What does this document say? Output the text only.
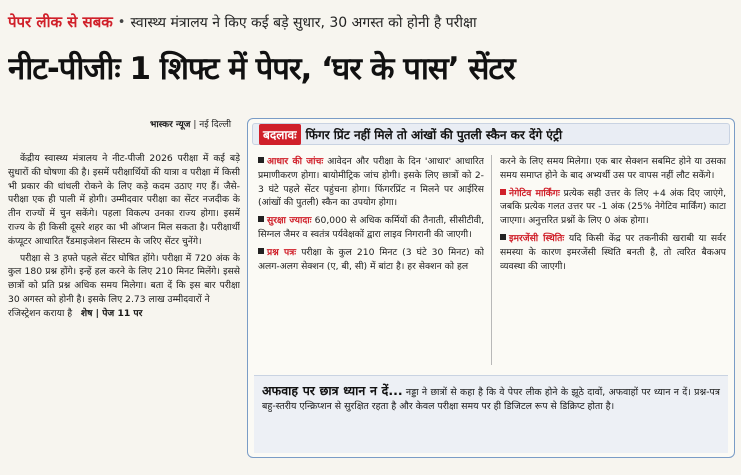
पेपर लीक से सबक • स्वास्थ्य मंत्रालय ने किए कई बड़े सुधार, 30 अगस्त को होनी है परीक्षा
नीट-पीजीः 1 शिफ्ट में पेपर, ‘घर के पास’ सेंटर
भास्कर न्यूज | नई दिल्ली

केंद्रीय स्वास्थ्य मंत्रालय ने नीट-पीजी 2026 परीक्षा में कई बड़े सुधारों की घोषणा की है। इसमें परीक्षार्थियों की यात्रा व परीक्षा में किसी भी प्रकार की धांधली रोकने के लिए कड़े कदम उठाए गए हैं। जैसे- परीक्षा एक ही पाली में होगी। उम्मीदवार परीक्षा का सेंटर नजदीक के तीन राज्यों में चुन सकेंगे। पहला विकल्प उनका राज्य होगा। इसमें राज्य के ही किसी दूसरे शहर का भी ऑप्शन मिल सकता है। परीक्षार्थी कंप्यूटर आधारित रैंडमाइजेशन सिस्टम के जरिए सेंटर चुनेंगे।

परीक्षा से 3 हफ्ते पहले सेंटर घोषित होंगे। परीक्षा में 720 अंक के कुल 180 प्रश्न होंगे। इन्हें हल करने के लिए 210 मिनट मिलेंगे। इससे छात्रों को प्रति प्रश्न अधिक समय मिलेगा। बता दें कि इस बार परीक्षा 30 अगस्त को होनी है। इसके लिए 2.73 लाख उम्मीदवारों ने

रजिस्ट्रेशन कराया है शेष | पेज 11 पर
बदलावः फिंगर प्रिंट नहीं मिले तो आंखों की पुतली स्कैन कर देंगे एंट्री
आधार की जांचः आवेदन और परीक्षा के दिन 'आधार' आधारित प्रमाणीकरण होगा। बायोमीट्रिक जांच होगी। इसके लिए छात्रों को 2-3 घंटे पहले सेंटर पहुंचना होगा। फिंगरप्रिंट न मिलने पर आईरिस (आंखों की पुतली) स्कैन का उपयोग होगा।
सुरक्षा ज्यादाः 60,000 से अधिक कर्मियों की तैनाती, सीसीटीवी, सिग्नल जैमर व स्वतंत्र पर्यवेक्षकों द्वारा लाइव निगरानी की जाएगी।
प्रश्न पत्रः परीक्षा के कुल 210 मिनट (3 घंटे 30 मिनट) को अलग-अलग सेक्शन (ए, बी, सी) में बांटा है। हर सेक्शन को हल
करने के लिए समय मिलेगा। एक बार सेक्शन सबमिट होने या उसका समय समाप्त होने के बाद अभ्यर्थी उस पर वापस नहीं लौट सकेंगे।
नेगेटिव मार्किंगः प्रत्येक सही उत्तर के लिए +4 अंक दिए जाएंगे, जबकि प्रत्येक गलत उत्तर पर -1 अंक (25% नेगेटिव मार्किंग) काटा जाएगा। अनुत्तरित प्रश्नों के लिए 0 अंक होगा।
इमरजेंसी स्थितिः यदि किसी केंद्र पर तकनीकी खराबी या सर्वर समस्या के कारण इमरजेंसी स्थिति बनती है, तो त्वरित बैकअप व्यवस्था की जाएगी।
अफवाह पर छात्र ध्यान न दें... नड्डा ने छात्रों से कहा है कि वे पेपर लीक होने के झूठे दावों, अफवाहों पर ध्यान न दें। प्रश्न-पत्र बहु-स्तरीय एन्क्रिप्शन से सुरक्षित रहता है और केवल परीक्षा समय पर ही डिजिटल रूप से डिक्रिप्ट होता है।
